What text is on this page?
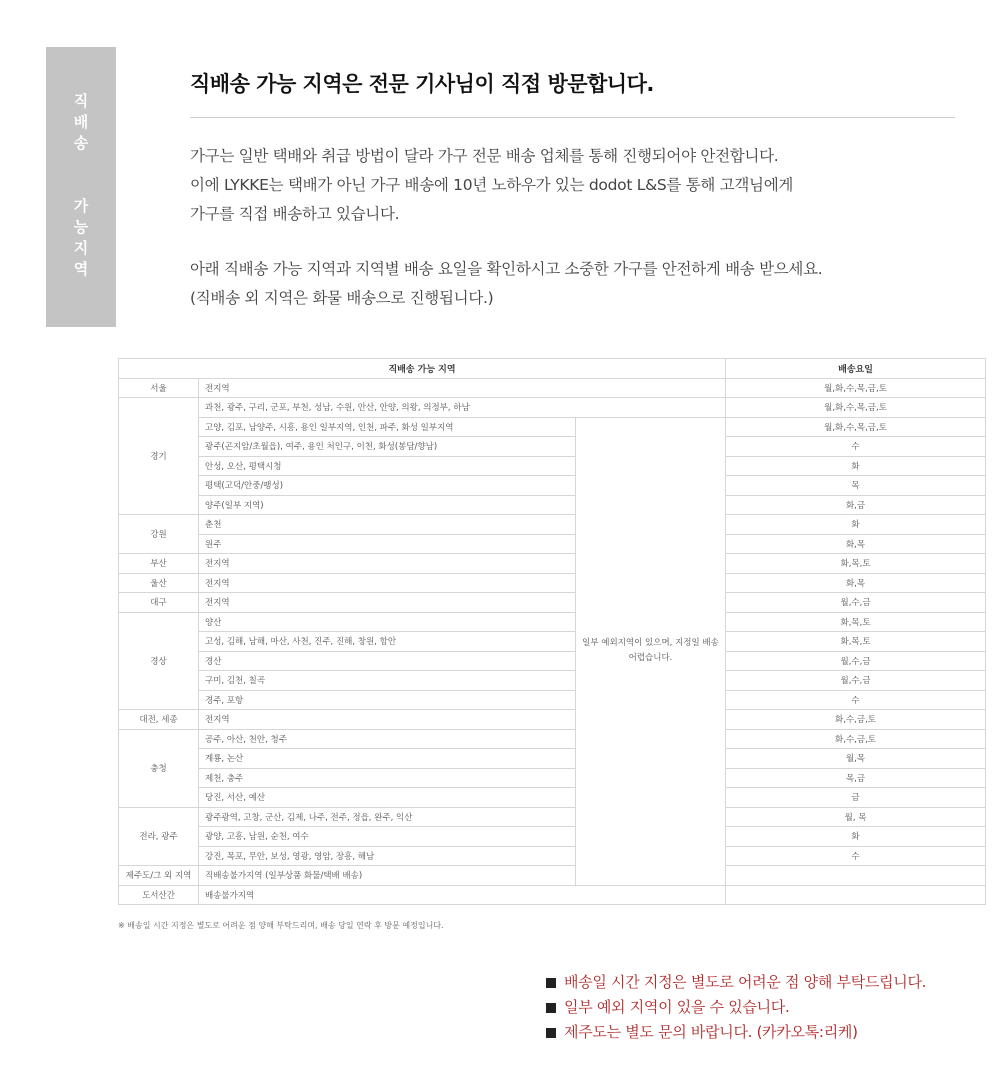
직
배
송
가
능
지
역
직배송 가능 지역은 전문 기사님이 직접 방문합니다.

가구는 일반 택배와 취급 방법이 달라 가구 전문 배송 업체를 통해 진행되어야 안전합니다.

이에 LYKKE는 택배가 아닌 가구 배송에 10년 노하우가 있는 dodot L&S를 통해 고객님에게

가구를 직접 배송하고 있습니다.

아래 직배송 가능 지역과 지역별 배송 요일을 확인하시고 소중한 가구를 안전하게 배송 받으세요.

(직배송 외 지역은 화물 배송으로 진행됩니다.)

직배송 가능 지역			배송요일
서울	전지역		월,화,수,목,금,토
경기	과천, 광주, 구리, 군포, 부천, 성남, 수원, 안산, 안양, 의왕, 의정부, 하남		월,화,수,목,금,토
	고양, 김포, 남양주, 시흥, 용인 일부지역, 인천, 파주, 화성 일부지역	일부 예외지역이 있으며, 지정일 배송 어렵습니다.	월,화,수,목,금,토
	광주(곤지암/초월읍), 여주, 용인 처인구, 이천, 화성(봉담/향남)		수
	안성, 오산, 평택시청		화
	평택(고덕/안중/팽성)		목
	양주(일부 지역)		화,금
강원	춘천		화
	원주		화,목
부산	전지역		화,목,토
울산	전지역		화,목
대구	전지역		월,수,금
경상	양산		화,목,토
	고성, 김해, 남해, 마산, 사천, 진주, 진해, 창원, 함안		화,목,토
	경산		월,수,금
	구미, 김천, 칠곡		월,수,금
	경주, 포항		수
대전, 세종	전지역		화,수,금,토
충청	공주, 아산, 천안, 청주		화,수,금,토
	계룡, 논산		월,목
	제천, 충주		목,금
	당진, 서산, 예산		금
전라, 광주	광주광역, 고창, 군산, 김제, 나주, 전주, 정읍, 완주, 익산		월, 목
	광양, 고흥, 남원, 순천, 여수		화
	강진, 목포, 무안, 보성, 영광, 영암, 장흥, 해남		수
제주도/그 외 지역	직배송불가지역 (일부상품 화물/택배 배송)		
도서산간	배송불가지역		
※ 배송일 시간 지정은 별도로 어려운 점 양해 부탁드리며, 배송 당일 연락 후 방문 예정입니다.
배송일 시간 지정은 별도로 어려운 점 양해 부탁드립니다.
일부 예외 지역이 있을 수 있습니다.
제주도는 별도 문의 바랍니다. (카카오톡:리케)
